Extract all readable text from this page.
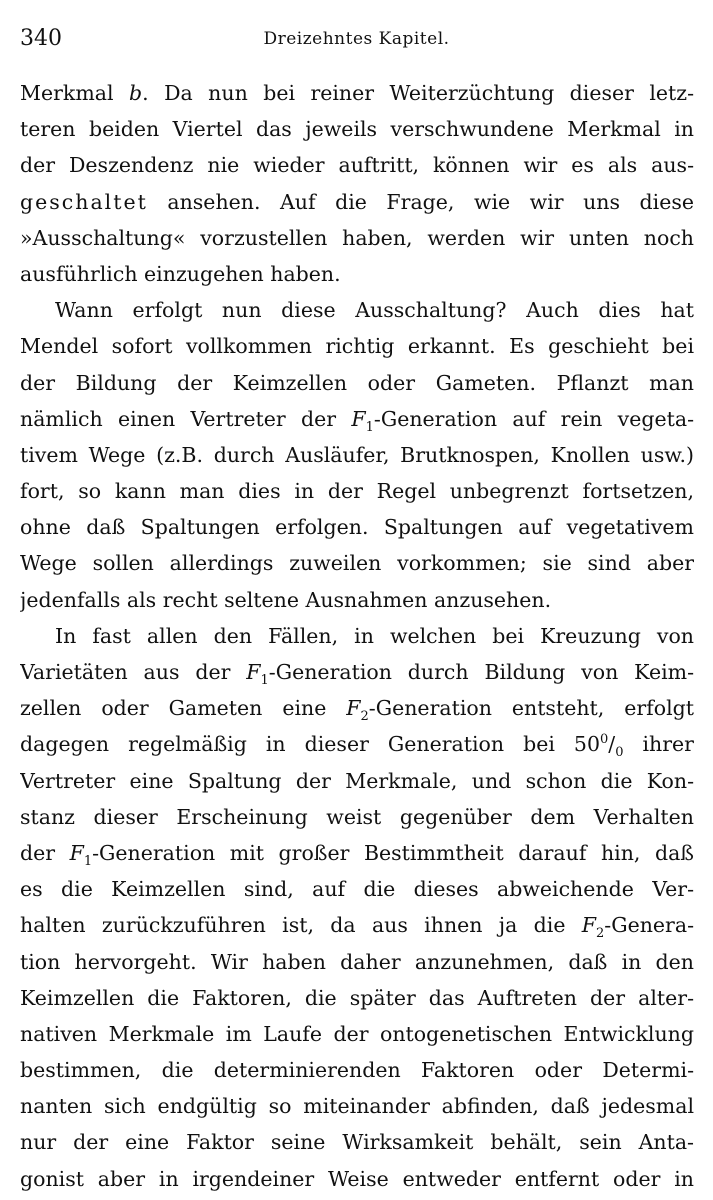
340	Dreizehntes Kapitel.
Merkmal b. Da nun bei reiner Weiterzüchtung dieser letz-
teren beiden Viertel das jeweils verschwundene Merkmal in
der Deszendenz nie wieder auftritt, können wir es als aus-
geschaltet ansehen. Auf die Frage, wie wir uns diese
»Ausschaltung« vorzustellen haben, werden wir unten noch
ausführlich einzugehen haben.
Wann erfolgt nun diese Ausschaltung? Auch dies hat
Mendel sofort vollkommen richtig erkannt. Es geschieht bei
der Bildung der Keimzellen oder Gameten. Pflanzt man
nämlich einen Vertreter der $F_1$-Generation auf rein vegeta-
tivem Wege (z.B. durch Ausläufer, Brutknospen, Knollen usw.)
fort, so kann man dies in der Regel unbegrenzt fortsetzen,
ohne daß Spaltungen erfolgen. Spaltungen auf vegetativem
Wege sollen allerdings zuweilen vorkommen; sie sind aber
jedenfalls als recht seltene Ausnahmen anzusehen.
In fast allen den Fällen, in welchen bei Kreuzung von
Varietäten aus der $F_1$-Generation durch Bildung von Keim-
zellen oder Gameten eine $F_2$-Generation entsteht, erfolgt
dagegen regelmäßig in dieser Generation bei $50^0/_0$ ihrer
Vertreter eine Spaltung der Merkmale, und schon die Kon-
stanz dieser Erscheinung weist gegenüber dem Verhalten
der $F_1$-Generation mit großer Bestimmtheit darauf hin, daß
es die Keimzellen sind, auf die dieses abweichende Ver-
halten zurückzuführen ist, da aus ihnen ja die $F_2-Genera-$
tion hervorgeht. Wir haben daher anzunehmen, daß in den
Keimzellen die Faktoren, die später das Auftreten der alter-
nativen Merkmale im Laufe der ontogenetischen Entwicklung
bestimmen, die determinierenden Faktoren oder Determi-
nanten sich endgültig so miteinander abfinden, daß jedesmal
nur der eine Faktor seine Wirksamkeit behält, sein Anta-
gonist aber in irgendeiner Weise entweder entfernt oder in
